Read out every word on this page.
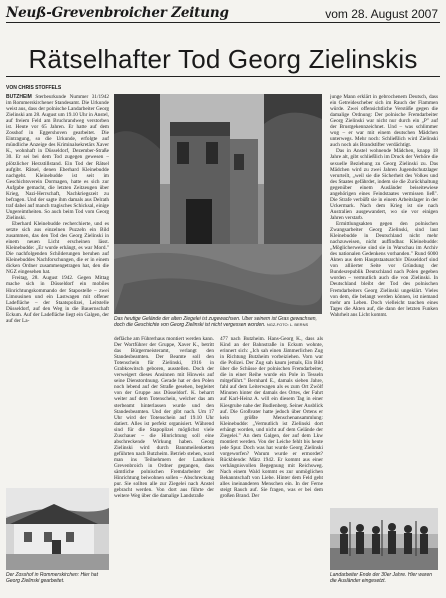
Neuß-Grevenbroicher Zeitung	vom 28. August 2007
Rätselhafter Tod Georg Zielinskis
VON CHRIS STOFFELS

BUTZHEIM Sterbeurkunde Nummer 31/1942 im Rommerskirchener Standesamt. Die Urkunde weist aus, dass der polnische Landarbeiter Georg Zielinski am 28. August um 19.10 Uhr in Anstel, auf freiem Feld am Bruchrandweg verstorben ist. Heute vor 65 Jahren. Er hatte auf dem Zosshof in Eggershoven gearbeitet. Die Eintragung, so die Urkunde, erfolgte auf mündliche Anzeige des Kriminalsekretärs Xaver K., wohnhaft in Düsseldorf, Dezember-Straße 30. Er sei bei dem Tod zugegen gewesen – plötzlicher Herzstillstand. Ein Tod der Rätsel aufgibt. Rätsel, denen Eberhard Kleinebudde nachgeht. Kleinebudde ist seit im Geschichtsverein Dormagen, hatte es sich zur Aufgabe gemacht, die letzten Zeitzeugen über Krieg, Nazi-Herrschaft, Nachkriegszeit zu befragen. Und der sagte ihm damals aus Delrath traf dabei auf manch tragisches Schicksal, einige Ungereimtheiten. So auch beim Tod vom Georg Zielinski.

Eberhard Kleinebudde recherchierte, und es setzte sich aus einzelnen Puzzeln ein Bild zusammen, das den Tod des Georg Zielinski in einem neuen Licht erscheinen lässt. Kleinebudde: „Er wurde erhängt, es war Mord." Die nachfolgenden Schilderungen beruhen auf Kleinebuddes Nachforschungen, die er in einem dicken Ordner zusammengetragen hat, den die NGZ eingesehen hat.

Freitag, 28. August 1942. Gegen Mittag mache sich in Düsseldorf ein mobiles Hinrichtungskommando der Stapostelle – zwei Limousinen und ein Lastwagen mit offener Ladefläche – der Staatspolizei, Leitstelle Düsseldorf, auf den Weg in die Bauernschaft Eckum. Auf der Ladefläche liegt ein Galgen, der auf der La-	Das heutige Gelände der alten Ziegelei ist zugewachsen. Über seinem ist Gras gewachsen, doch die Geschichte von Georg Zielinski ist nicht vergessen worden. NGZ-FOTO: L. BERNS

defläche am Führerhaus montiert werden kann. Der Wortführer der Gruppe, Xaver K., betritt das Bürgermeisteramt, verlangt den Standesbeamten. Der Beamte soll den Totenschein für Zielinski, 1916 in Grabkowitsch geboren, ausstellen. Doch der verweigert dieses Ansinnen mit Hinweis auf seine Dienstordnung. Gerade hat er den Polen noch lebend auf der Straße gesehen, begleitet von der Gruppe aus Düsseldorf. K. beharrt weiter auf dem Totenschein, welcher das am sterbeamt hinterlassen wurde und den Standesbeamten. Und der gibt nach. Um 17 Uhr wird der Totenschein auf 19.10 Uhr datiert. Alles ist perfekt organisiert. Während sind für die Stapoplizei möglichst viele Zuschauer – die Hinrichtung soll eine abschreckende Wirkung haben. Georg Zielinski wird durch Bannmeilenketten geführten nach Butzheim. Betrieb stehen, ward man ins Teilnehmern der Landkreis Grevenbroich in Ordner gegangen, dass sämtliche polnischen Fremdarbeiter der Hinrichtung beiwohnen sollen – Abschreckung pur. Sie sollten alle zur Ziegelei nach Anstel gebracht werden. Von dort aus führte der weitere Weg über die damalige Landstraße

477 nach Butzheim. Hans-Georg K., dass als Kind an der Bahnstraße in Eckum wohnte, erinnert sich: „Ich sah einen Jämmerlichen Zug in Richtung Butzheim vorbeiziehen. Vorn war die Polizei. Der Zug sah kaum jemals, Ein Bild über die Schüsse der polnischen Fremdarbeiter, die in einer Reihe wurde ein Pole in Tesseln mitgeführt." Bernhard E., damals sieben Jahre, fahl auf dem Leiterwagen als es zum Ort Zwölf Minuten hinter der damals des Ortes, der Fahrt auf Karl-Heinz A. will ein diesem Tag in einer Kiesgrube nahe der Budlenberg. Seiner Ausblick auf. Die Großvater hatte jedoch über Ortens er kein größte Menschenansammlung: Kleinebudde: „Vermutlich ist Zielinski dort erhängt worden, und nicht auf dem Gelände der Ziegelei." An dem Galgen, der auf dem Lkw montiert werden. Von der Leiche fehlt bis heute jede Spur. Doch was hat wurde Georg Zielinski vorgeworfen? Warum wurde er ermordet? Rückblende: März 1942. Er kommt aus einer verhängnisvollen Begegnung mit Reichsweg. Nach einem Wald kommt es zur unmöglichen Bekanntschaft von Liebe. Hinter dem Feld geht alles ineinanderen Menschen ein. In der Ferne steigt Rauch auf. Sie fragen, was er bei dem großen Brand. Der

junge Mann erklärt in gebrochenem Deutsch, dass ein Getreidescheber sich im Rauch der Flammen würde. Zwei offensichtliche Verstöße gegen die damalige Ordnung: Der polnische Fremdarbeiter Georg Zielinski war nicht nur durch ein „P" auf der Brustgekennzeichnet. Und – was schlimmer wog – er war mit einem deutschen Mädchen unterwegs. Mehr noch: Schließlich wird Zielinski auch noch als Brandstifter verdächtigt.

Das in Anstel wohnende Mädchen, knapp 18 Jahre alt, gibt schließlich im Druck der Verhöre die sexuelle Beziehung zu Georg Zielinski zu. Das Mädchen wird zu zwei Jahren Jugendschutzlager verurteilt, „weil sie die Sicherheit des Volkes und des Staates gefährdet, indem sie die Zurückhaltung gegenüber einem Ausländer beiseitewiese angehörigen eines Feindstaates vermissen ließ". Die Strafe verbüßt sie in einem Arbeitslager in der Uckermark. Nach dem Krieg ist sie nach Australien ausgewandert, wo sie vor einigen Jahren verstarb.

Ermittlungsakten gegen den polnischen Zwangsarbeiter Georg Zielinski, sind laut Kleinebudde in Deutschland nicht mehr nachzuweisen, nicht auffindbar. Kleinebudde: „Möglicherweise sind sie in Warschau im Archiv des nationalen Gedenkens vorhanden." Rund 6000 Akten aus dem Hauptstaatsarchiv Düsseldorf sind von alliierter Seite vor Gründung der Bundesrepublik Deutschland nach Polen gegeben worden – vermutlich auch die von Zielinski. In Deutschland bleibt der Tod des polnischen Fremdarbeiters Georg Zielinski ungeklärt. Vieles von dem, die belangt werden können, ist niemand mehr am Leben. Doch vielleicht tauchen eines Tages die Akten auf, die dann der letzten Funken Wahrheit ans Licht kommt.

Der Zosshof in Rommerskirchen: Hier hat Georg Zielinski gearbeitet.
Landarbeiter Ende der 30er Jahre. Hier waren die Ausländer eingesetzt.
